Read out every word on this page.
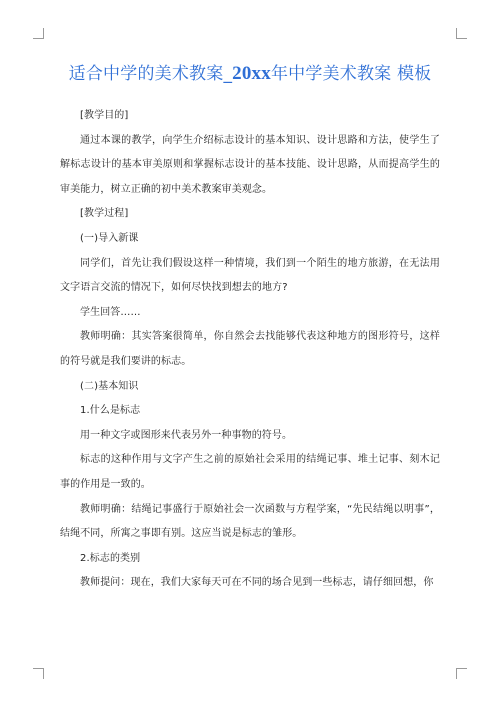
适合中学的美术教案_20xx年中学美术教案 模板

[教学目的]

通过本课的教学，向学生介绍标志设计的基本知识、设计思路和方法，使学生了解标志设计的基本审美原则和掌握标志设计的基本技能、设计思路，从而提高学生的审美能力，树立正确的初中美术教案审美观念。

[教学过程]

(一)导入新课

同学们，首先让我们假设这样一种情境，我们到一个陌生的地方旅游，在无法用文字语言交流的情况下，如何尽快找到想去的地方?

学生回答……

教师明确：其实答案很简单，你自然会去找能够代表这种地方的图形符号，这样的符号就是我们要讲的标志。

(二)基本知识

1.什么是标志

用一种文字或图形来代表另外一种事物的符号。

标志的这种作用与文字产生之前的原始社会采用的结绳记事、堆土记事、刻木记事的作用是一致的。

教师明确：结绳记事盛行于原始社会一次函数与方程学案，“先民结绳以明事”，结绳不同，所寓之事即有别。这应当说是标志的雏形。

2.标志的类别

教师提问：现在，我们大家每天可在不同的场合见到一些标志，请仔细回想，你
